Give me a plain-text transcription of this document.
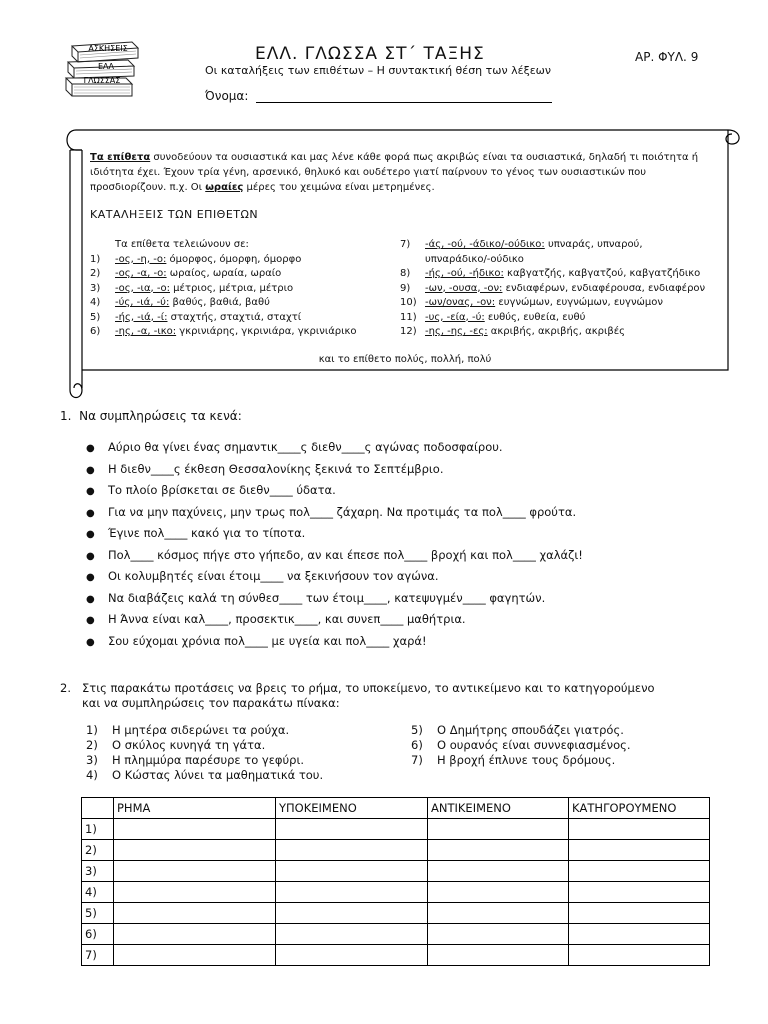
ΑΣΚΗΣΕΙΣ
ΕΛΛ
ΓΛΩΣΣΑΣ
ΕΛΛ. ΓΛΩΣΣΑ ΣΤ΄ ΤΑΞΗΣ	ΑΡ. ΦΥΛ. 9
Οι καταλήξεις των επιθέτων – Η συντακτική θέση των λέξεων
Όνομα:
Τα επίθετα συνοδεύουν τα ουσιαστικά και μας λένε κάθε φορά πως ακριβώς είναι τα ουσιαστικά, δηλαδή τι ποιότητα ή ιδιότητα έχει. Έχουν τρία γένη, αρσενικό, θηλυκό και ουδέτερο γιατί παίρνουν το γένος των ουσιαστικών που προσδιορίζουν. π.χ. Οι ωραίες μέρες του χειμώνα είναι μετρημένες.
ΚΑΤΑΛΗΞΕΙΣ ΤΩΝ ΕΠΙΘΕΤΩΝ
Τα επίθετα τελειώνουν σε:
1) -ος, -η, -ο: όμορφος, όμορφη, όμορφο
2) -ος, -α, -ο: ωραίος, ωραία, ωραίο
3) -ος, -ια, -ο: μέτριος, μέτρια, μέτριο
4) -ύς, -ιά, -ύ: βαθύς, βαθιά, βαθύ
5) -ής, -ιά, -ί: σταχτής, σταχτιά, σταχτί
6) -ης, -α, -ικο: γκρινιάρης, γκρινιάρα, γκρινιάρικο
7) -άς, -ού, -άδικο/-ούδικο: υπναράς, υπναρού,
υπναράδικο/-ούδικο
8) -ής, -ού, -ήδικο: καβγατζής, καβγατζού, καβγατζήδικο
9) -ων, -ουσα, -ον: ενδιαφέρων, ενδιαφέρουσα, ενδιαφέρον
10) -ων/ονας, -ον: ευγνώμων, ευγνώμων, ευγνώμον
11) -υς, -εία, -ύ: ευθύς, ευθεία, ευθύ
12) -ης, -ης, -ες: ακριβής, ακριβής, ακριβές
και το επίθετο πολύς, πολλή, πολύ
1. Να συμπληρώσεις τα κενά:
● Αύριο θα γίνει ένας σημαντικ____ς διεθν____ς αγώνας ποδοσφαίρου.
● Η διεθν____ς έκθεση Θεσσαλονίκης ξεκινά το Σεπτέμβριο.
● Το πλοίο βρίσκεται σε διεθν____ ύδατα.
● Για να μην παχύνεις, μην τρως πολ____ ζάχαρη. Να προτιμάς τα πολ____ φρούτα.
● Έγινε πολ____ κακό για το τίποτα.
● Πολ____ κόσμος πήγε στο γήπεδο, αν και έπεσε πολ____ βροχή και πολ____ χαλάζι!
● Οι κολυμβητές είναι έτοιμ____ να ξεκινήσουν τον αγώνα.
● Να διαβάζεις καλά τη σύνθεσ____ των έτοιμ____, κατεψυγμέν____ φαγητών.
● Η Άννα είναι καλ____, προσεκτικ____, και συνεπ____ μαθήτρια.
● Σου εύχομαι χρόνια πολ____ με υγεία και πολ____ χαρά!
2. Στις παρακάτω προτάσεις να βρεις το ρήμα, το υποκείμενο, το αντικείμενο και το κατηγορούμενο
και να συμπληρώσεις τον παρακάτω πίνακα:
1) Η μητέρα σιδερώνει τα ρούχα.
2) Ο σκύλος κυνηγά τη γάτα.
3) Η πλημμύρα παρέσυρε το γεφύρι.
4) Ο Κώστας λύνει τα μαθηματικά του.
5) Ο Δημήτρης σπουδάζει γιατρός.
6) Ο ουρανός είναι συννεφιασμένος.
7) Η βροχή έπλυνε τους δρόμους.
	ΡΗΜΑ	ΥΠΟΚΕΙΜΕΝΟ	ΑΝΤΙΚΕΙΜΕΝΟ	ΚΑΤΗΓΟΡΟΥΜΕΝΟ
1)				
2)				
3)				
4)				
5)				
6)				
7)				
